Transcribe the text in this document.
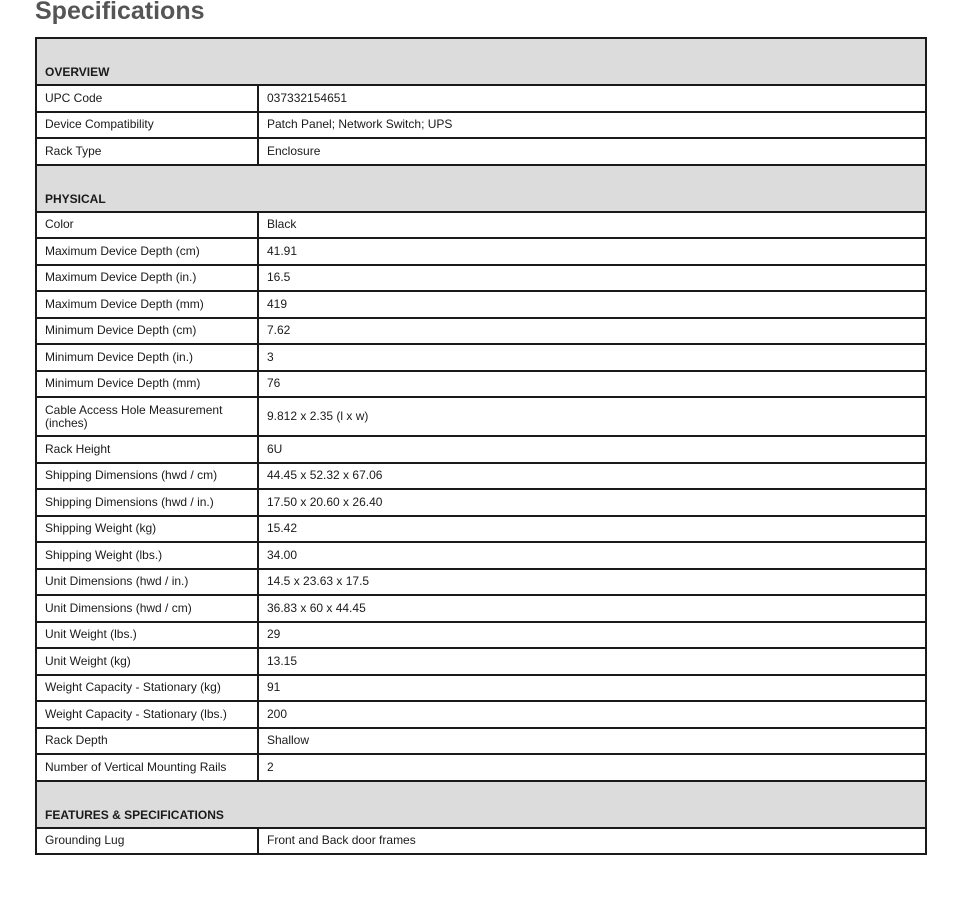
Specifications
OVERVIEW	
UPC Code	037332154651
Device Compatibility	Patch Panel; Network Switch; UPS
Rack Type	Enclosure
PHYSICAL	
Color	Black
Maximum Device Depth (cm)	41.91
Maximum Device Depth (in.)	16.5
Maximum Device Depth (mm)	419
Minimum Device Depth (cm)	7.62
Minimum Device Depth (in.)	3
Minimum Device Depth (mm)	76
Cable Access Hole Measurement (inches)	9.812 x 2.35 (l x w)
Rack Height	6U
Shipping Dimensions (hwd / cm)	44.45 x 52.32 x 67.06
Shipping Dimensions (hwd / in.)	17.50 x 20.60 x 26.40
Shipping Weight (kg)	15.42
Shipping Weight (lbs.)	34.00
Unit Dimensions (hwd / in.)	14.5 x 23.63 x 17.5
Unit Dimensions (hwd / cm)	36.83 x 60 x 44.45
Unit Weight (lbs.)	29
Unit Weight (kg)	13.15
Weight Capacity - Stationary (kg)	91
Weight Capacity - Stationary (lbs.)	200
Rack Depth	Shallow
Number of Vertical Mounting Rails	2
FEATURES & SPECIFICATIONS	
Grounding Lug	Front and Back door frames
